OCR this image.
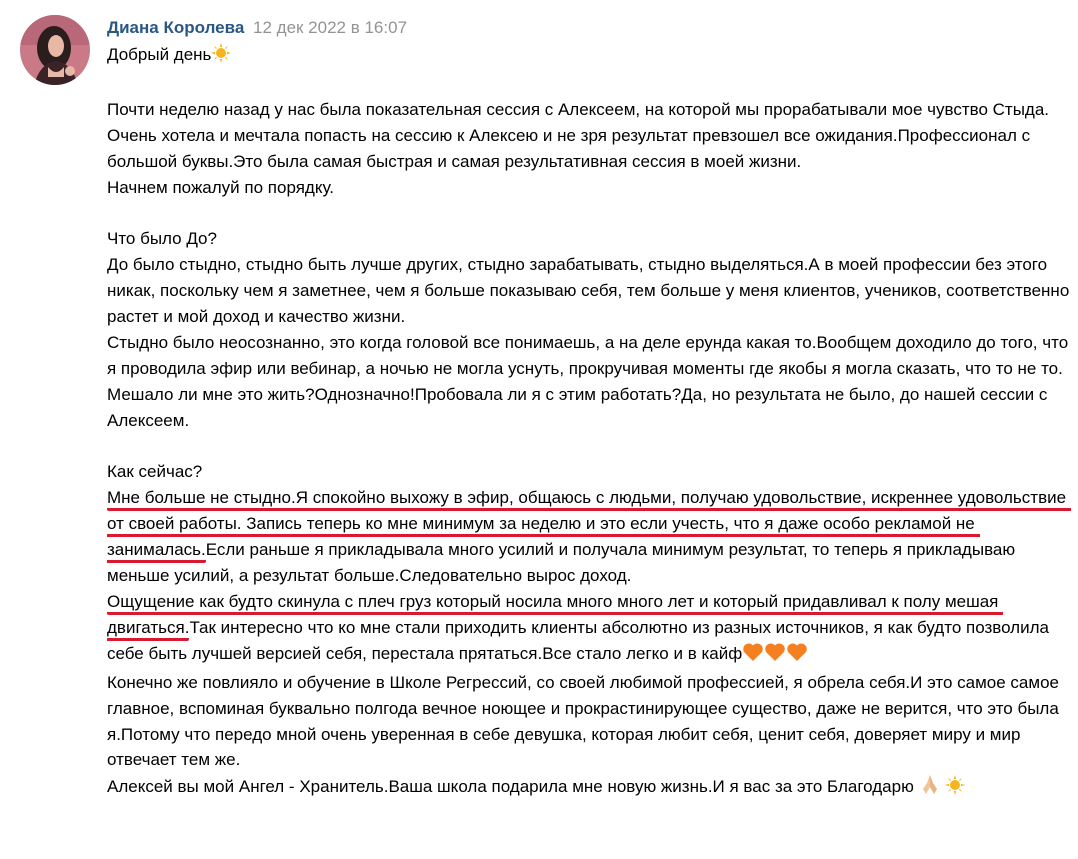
Диана Королева 12 дек 2022 в 16:07

Добрый день

Почти неделю назад у нас была показательная сессия с Алексеем, на которой мы прорабатывали мое чувство Стыда.

Очень хотела и мечтала попасть на сессию к Алексею и не зря результат превзошел все ожидания.Профессионал с большой буквы.Это была самая быстрая и самая результативная сессия в моей жизни.

Начнем пожалуй по порядку.

Что было До?

До было стыдно, стыдно быть лучше других, стыдно зарабатывать, стыдно выделяться.А в моей профессии без этого никак, поскольку чем я заметнее, чем я больше показываю себя, тем больше у меня клиентов, учеников, соответственно растет и мой доход и качество жизни.

Стыдно было неосознанно, это когда головой все понимаешь, а на деле ерунда какая то.Вообщем доходило до того, что я проводила эфир или вебинар, а ночью не могла уснуть, прокручивая моменты где якобы я могла сказать, что то не то. Мешало ли мне это жить?Однозначно!Пробовала ли я с этим работать?Да, но результата не было, до нашей сессии с Алексеем.

Как сейчас?

Мне больше не стыдно.Я спокойно выхожу в эфир, общаюсь с людьми, получаю удовольствие, искреннее удовольствие от своей работы. Запись теперь ко мне минимум за неделю и это если учесть, что я даже особо рекламой не занималась.Если раньше я прикладывала много усилий и получала минимум результат, то теперь я прикладываю меньше усилий, а результат больше.Следовательно вырос доход.

Ощущение как будто скинула с плеч груз который носила много много лет и который придавливал к полу мешая двигаться.Так интересно что ко мне стали приходить клиенты абсолютно из разных источников, я как будто позволила себе быть лучшей версией себя, перестала прятаться.Все стало легко и в кайф

Конечно же повлияло и обучение в Школе Регрессий, со своей любимой профессией, я обрела себя.И это самое самое главное, вспоминая буквально полгода вечное ноющее и прокрастинирующее существо, даже не верится, что это была я.Потому что передо мной очень уверенная в себе девушка, которая любит себя, ценит себя, доверяет миру и мир отвечает тем же.

Алексей вы мой Ангел - Хранитель.Ваша школа подарила мне новую жизнь.И я вас за это Благодарю
